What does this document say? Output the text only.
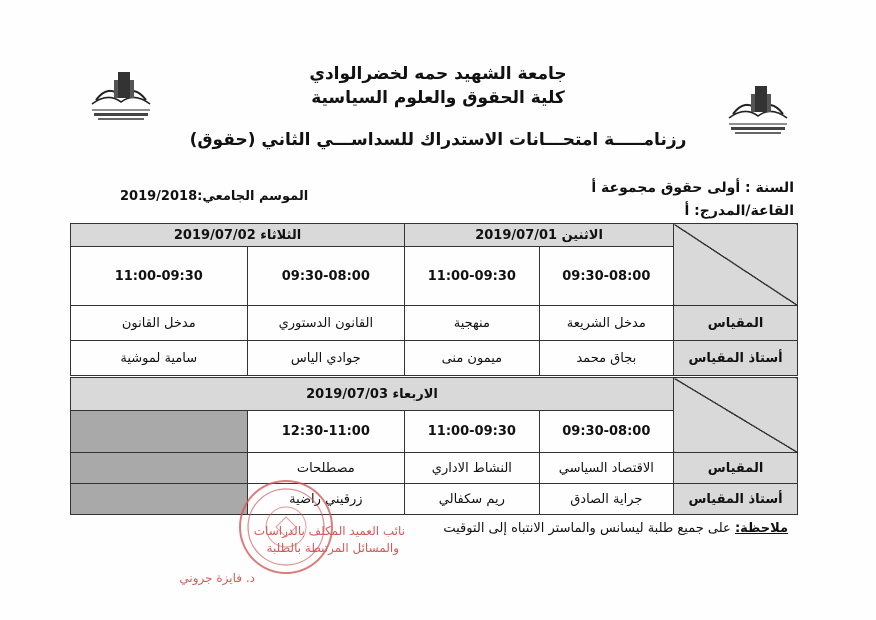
جامعة الشهيد حمه لخضرالوادي
كلية الحقوق والعلوم السياسية
رزنامـــــة امتحـــانات الاستدراك للسداســـي الثاني (حقوق)
السنة : أولى حقوق مجموعة أ
القاعة/المدرج: أ
الموسم الجامعي:2019/2018
	الاثنين 2019/07/01		الثلاثاء 2019/07/02	
	09:30-08:00	11:00-09:30	09:30-08:00	11:00-09:30
المقياس	مدخل الشريعة	منهجية	القانون الدستوري	مدخل القانون
أستاذ المقياس	بجاق محمد	ميمون منى	جوادي الياس	سامية لموشية
	الاربعاء 2019/07/03			
	09:30-08:00	11:00-09:30	12:30-11:00	
المقياس	الاقتصاد السياسي	النشاط الاداري	مصطلحات	
أستاذ المقياس	جراية الصادق	ريم سكفالي	زرقيني راضية	
ملاحظة: على جميع طلبة ليسانس والماستر الانتباه إلى التوقيت
نائب العميد المكلف بالدراسات
والمسائل المرتبطة بالطلبة
د. فايزة جروني
